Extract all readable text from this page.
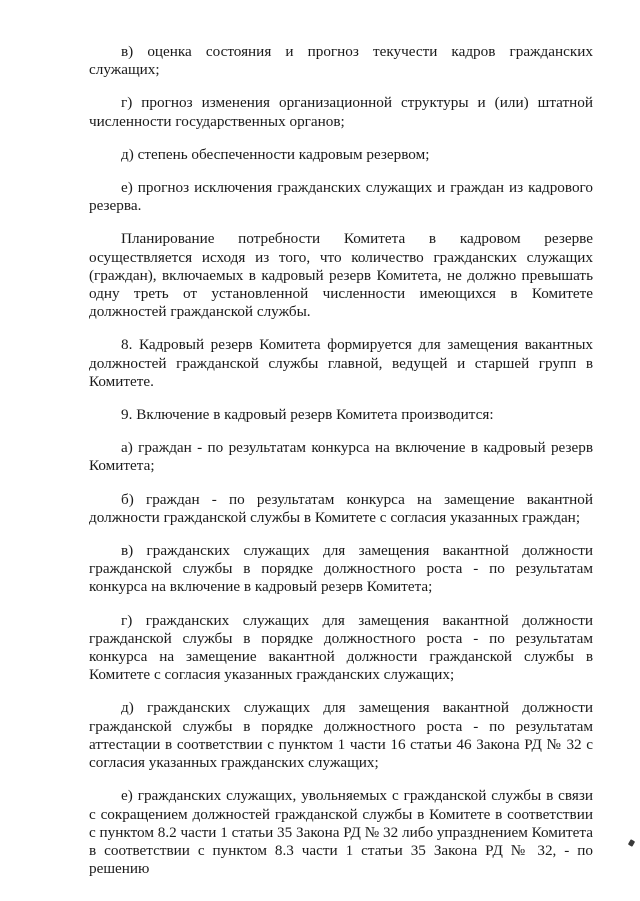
в) оценка состояния и прогноз текучести кадров гражданских служащих;

г) прогноз изменения организационной структуры и (или) штатной численности государственных органов;

д) степень обеспеченности кадровым резервом;

е) прогноз исключения гражданских служащих и граждан из кадрового резерва.

Планирование потребности Комитета в кадровом резерве осуществляется исходя из того, что количество гражданских служащих (граждан), включаемых в кадровый резерв Комитета, не должно превышать одну треть от установленной численности имеющихся в Комитете должностей гражданской службы.

8. Кадровый резерв Комитета формируется для замещения вакантных должностей гражданской службы главной, ведущей и старшей групп в Комитете.

9. Включение в кадровый резерв Комитета производится:

а) граждан - по результатам конкурса на включение в кадровый резерв Комитета;

б) граждан - по результатам конкурса на замещение вакантной должности гражданской службы в Комитете с согласия указанных граждан;

в) гражданских служащих для замещения вакантной должности гражданской службы в порядке должностного роста - по результатам конкурса на включение в кадровый резерв Комитета;

г) гражданских служащих для замещения вакантной должности гражданской службы в порядке должностного роста - по результатам конкурса на замещение вакантной должности гражданской службы в Комитете с согласия указанных гражданских служащих;

д) гражданских служащих для замещения вакантной должности гражданской службы в порядке должностного роста - по результатам аттестации в соответствии с пунктом 1 части 16 статьи 46 Закона РД № 32 с согласия указанных гражданских служащих;

е) гражданских служащих, увольняемых с гражданской службы в связи с сокращением должностей гражданской службы в Комитете в соответствии с пунктом 8.2 части 1 статьи 35 Закона РД № 32 либо упразднением Комитета в соответствии с пунктом 8.3 части 1 статьи 35 Закона РД № 32, - по решению
